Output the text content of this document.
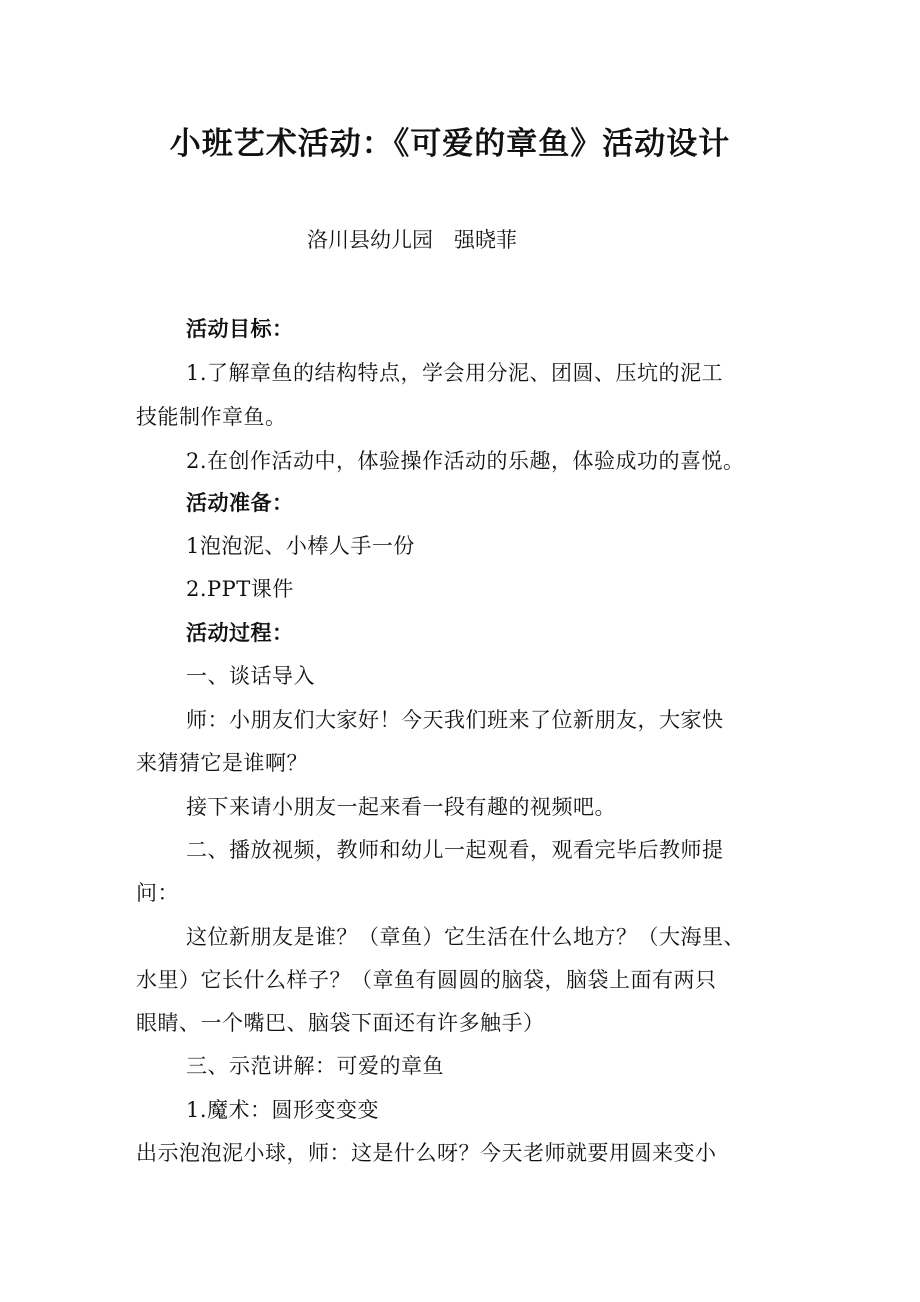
小班艺术活动：《可爱的章鱼》活动设计

洛川县幼儿园　强晓菲

活动目标：

1.了解章鱼的结构特点，学会用分泥、团圆、压坑的泥工

技能制作章鱼。

2.在创作活动中，体验操作活动的乐趣，体验成功的喜悦。

活动准备：

1泡泡泥、小棒人手一份

2.PPT课件

活动过程：

一、谈话导入

师：小朋友们大家好！今天我们班来了位新朋友，大家快

来猜猜它是谁啊？

接下来请小朋友一起来看一段有趣的视频吧。

二、播放视频，教师和幼儿一起观看，观看完毕后教师提

问：

这位新朋友是谁？（章鱼）它生活在什么地方？（大海里、

水里）它长什么样子？（章鱼有圆圆的脑袋，脑袋上面有两只

眼睛、一个嘴巴、脑袋下面还有许多触手）

三、示范讲解：可爱的章鱼

1.魔术：圆形变变变

出示泡泡泥小球，师：这是什么呀？今天老师就要用圆来变小
